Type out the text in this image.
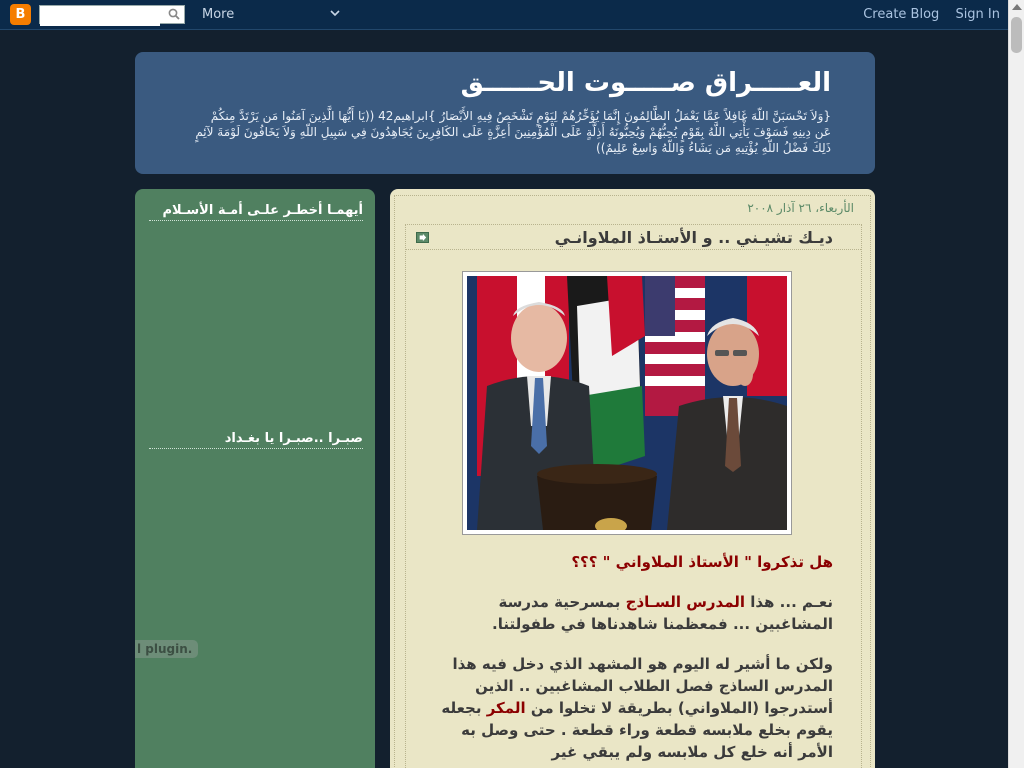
B	More	Create Blog Sign In
العـــــراق صـــــوت الحــــــق
{وَلاَ تَحْسَبَنَّ اللّهَ غَافِلاً عَمَّا يَعْمَلُ الظَّالِمُونَ إِنَّمَا يُؤَخِّرُهُمْ لِيَوْمٍ تَشْخَصُ فِيهِ الأَبْصَارُ }ابراهيم42 ((يَا أَيُّهَا الَّذِينَ آمَنُوا مَن يَرْتَدَّ مِنكُمْ عَن دِينِهِ فَسَوْفَ يَأْتِي اللَّهُ بِقَوْمٍ يُحِبُّهُمْ وَيُحِبُّونَهُ أَذِلَّةٍ عَلَى الْمُؤْمِنِينَ أَعِزَّةٍ عَلَى الكَافِرِينَ يُجَاهِدُونَ فِي سَبِيلِ اللّهِ وَلاَ يَخَافُونَ لَوْمَةَ لآئِمٍ ذَلِكَ فَضْلُ اللّهِ يُؤْتِيهِ مَن يَشَاءُ وَاللّهُ وَاسِعٌ عَلِيمٌ))
أيهمـا أخطـر علـى أمـة الأسـلام
صبـرا ..صبـرا يا بغـداد
l plugin.
الأربعاء، ٢٦ آذار ٢٠٠٨
ديـك تشيـني .. و الأستـاذ الملاوانـي

هل تذكروا " الأستاذ الملاواني " ؟؟؟

نعـم ... هذا المدرس السـاذج بمسرحية مدرسة المشاغبين ... فمعظمنا شاهدناها في طفولتنا.

ولكن ما أشير له اليوم هو المشهد الذي دخل فيه هذا المدرس الساذج فصل الطلاب المشاغبين .. الذين أستدرجوا (الملاواني) بطريقة لا تخلوا من المكر بجعله يقوم بخلع ملابسه قطعة وراء قطعة . حتى وصل به الأمر أنه خلع كل ملابسه ولم يبقي غير
